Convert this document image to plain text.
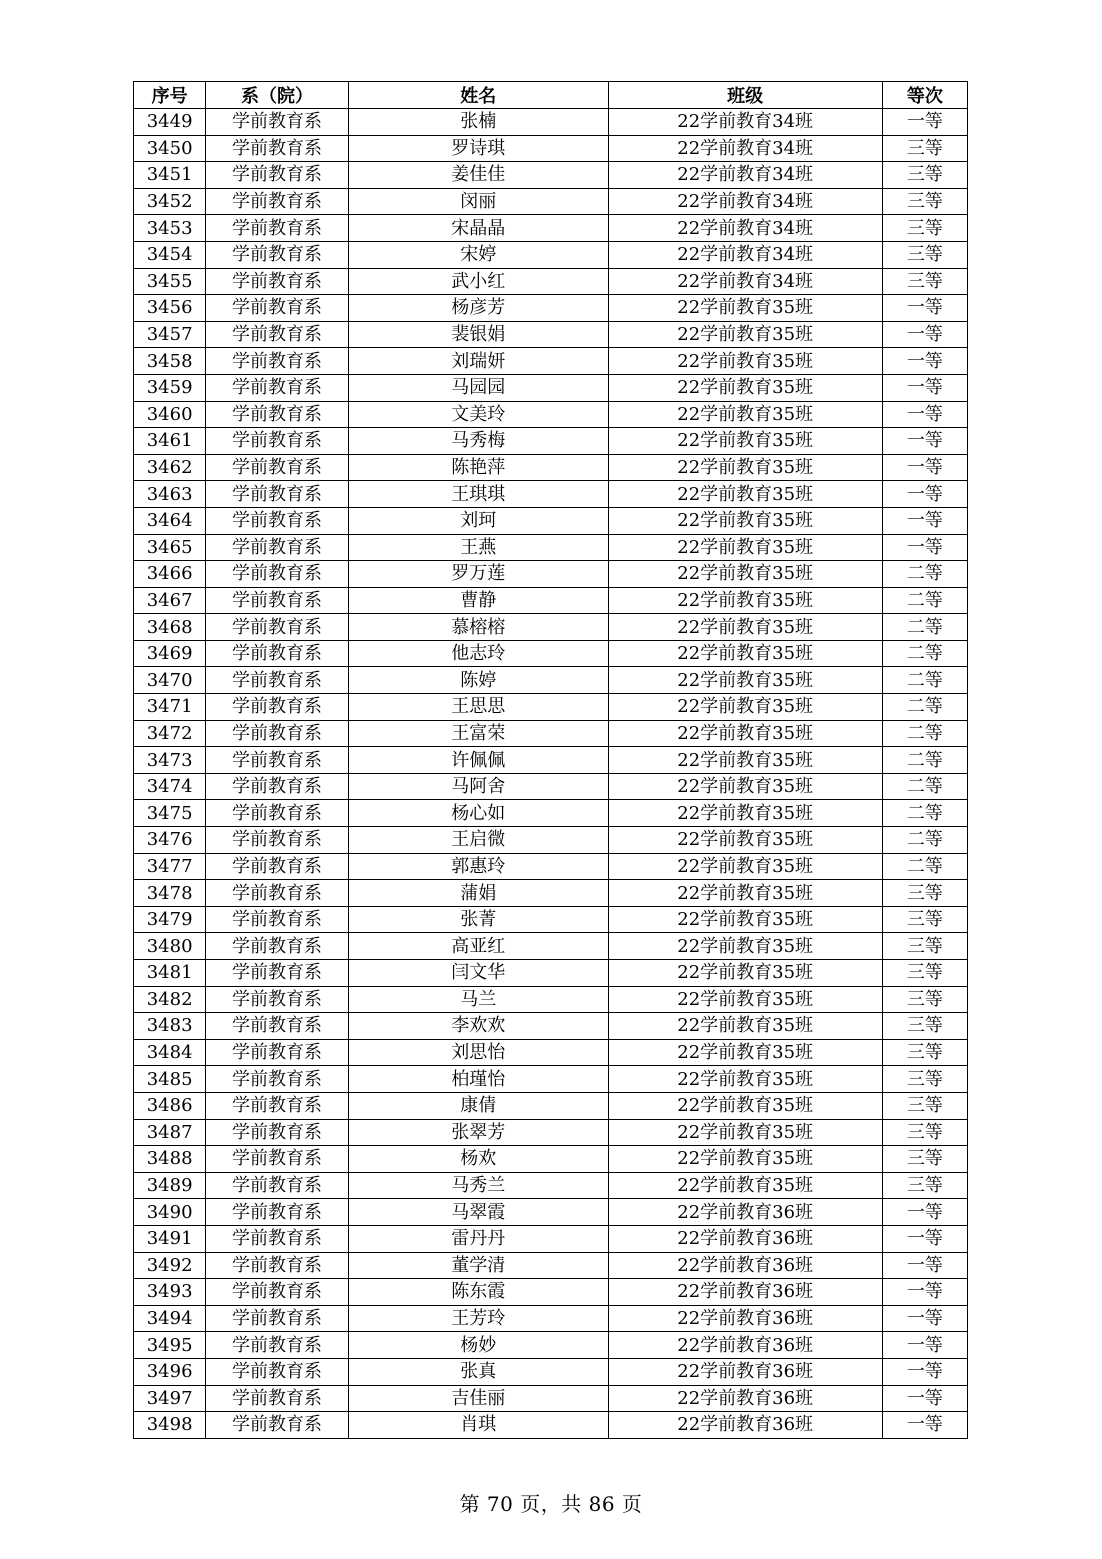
序号	系（院）	姓名	班级	等次
3449	学前教育系	张楠	22学前教育34班	一等
3450	学前教育系	罗诗琪	22学前教育34班	三等
3451	学前教育系	姜佳佳	22学前教育34班	三等
3452	学前教育系	闵丽	22学前教育34班	三等
3453	学前教育系	宋晶晶	22学前教育34班	三等
3454	学前教育系	宋婷	22学前教育34班	三等
3455	学前教育系	武小红	22学前教育34班	三等
3456	学前教育系	杨彦芳	22学前教育35班	一等
3457	学前教育系	裴银娟	22学前教育35班	一等
3458	学前教育系	刘瑞妍	22学前教育35班	一等
3459	学前教育系	马园园	22学前教育35班	一等
3460	学前教育系	文美玲	22学前教育35班	一等
3461	学前教育系	马秀梅	22学前教育35班	一等
3462	学前教育系	陈艳萍	22学前教育35班	一等
3463	学前教育系	王琪琪	22学前教育35班	一等
3464	学前教育系	刘珂	22学前教育35班	一等
3465	学前教育系	王燕	22学前教育35班	一等
3466	学前教育系	罗万莲	22学前教育35班	二等
3467	学前教育系	曹静	22学前教育35班	二等
3468	学前教育系	慕榕榕	22学前教育35班	二等
3469	学前教育系	他志玲	22学前教育35班	二等
3470	学前教育系	陈婷	22学前教育35班	二等
3471	学前教育系	王思思	22学前教育35班	二等
3472	学前教育系	王富荣	22学前教育35班	二等
3473	学前教育系	许佩佩	22学前教育35班	二等
3474	学前教育系	马阿舍	22学前教育35班	二等
3475	学前教育系	杨心如	22学前教育35班	二等
3476	学前教育系	王启微	22学前教育35班	二等
3477	学前教育系	郭惠玲	22学前教育35班	二等
3478	学前教育系	蒲娟	22学前教育35班	三等
3479	学前教育系	张菁	22学前教育35班	三等
3480	学前教育系	高亚红	22学前教育35班	三等
3481	学前教育系	闫文华	22学前教育35班	三等
3482	学前教育系	马兰	22学前教育35班	三等
3483	学前教育系	李欢欢	22学前教育35班	三等
3484	学前教育系	刘思怡	22学前教育35班	三等
3485	学前教育系	柏瑾怡	22学前教育35班	三等
3486	学前教育系	康倩	22学前教育35班	三等
3487	学前教育系	张翠芳	22学前教育35班	三等
3488	学前教育系	杨欢	22学前教育35班	三等
3489	学前教育系	马秀兰	22学前教育35班	三等
3490	学前教育系	马翠霞	22学前教育36班	一等
3491	学前教育系	雷丹丹	22学前教育36班	一等
3492	学前教育系	董学清	22学前教育36班	一等
3493	学前教育系	陈东霞	22学前教育36班	一等
3494	学前教育系	王芳玲	22学前教育36班	一等
3495	学前教育系	杨妙	22学前教育36班	一等
3496	学前教育系	张真	22学前教育36班	一等
3497	学前教育系	吉佳丽	22学前教育36班	一等
3498	学前教育系	肖琪	22学前教育36班	一等
第 70 页，共 86 页
